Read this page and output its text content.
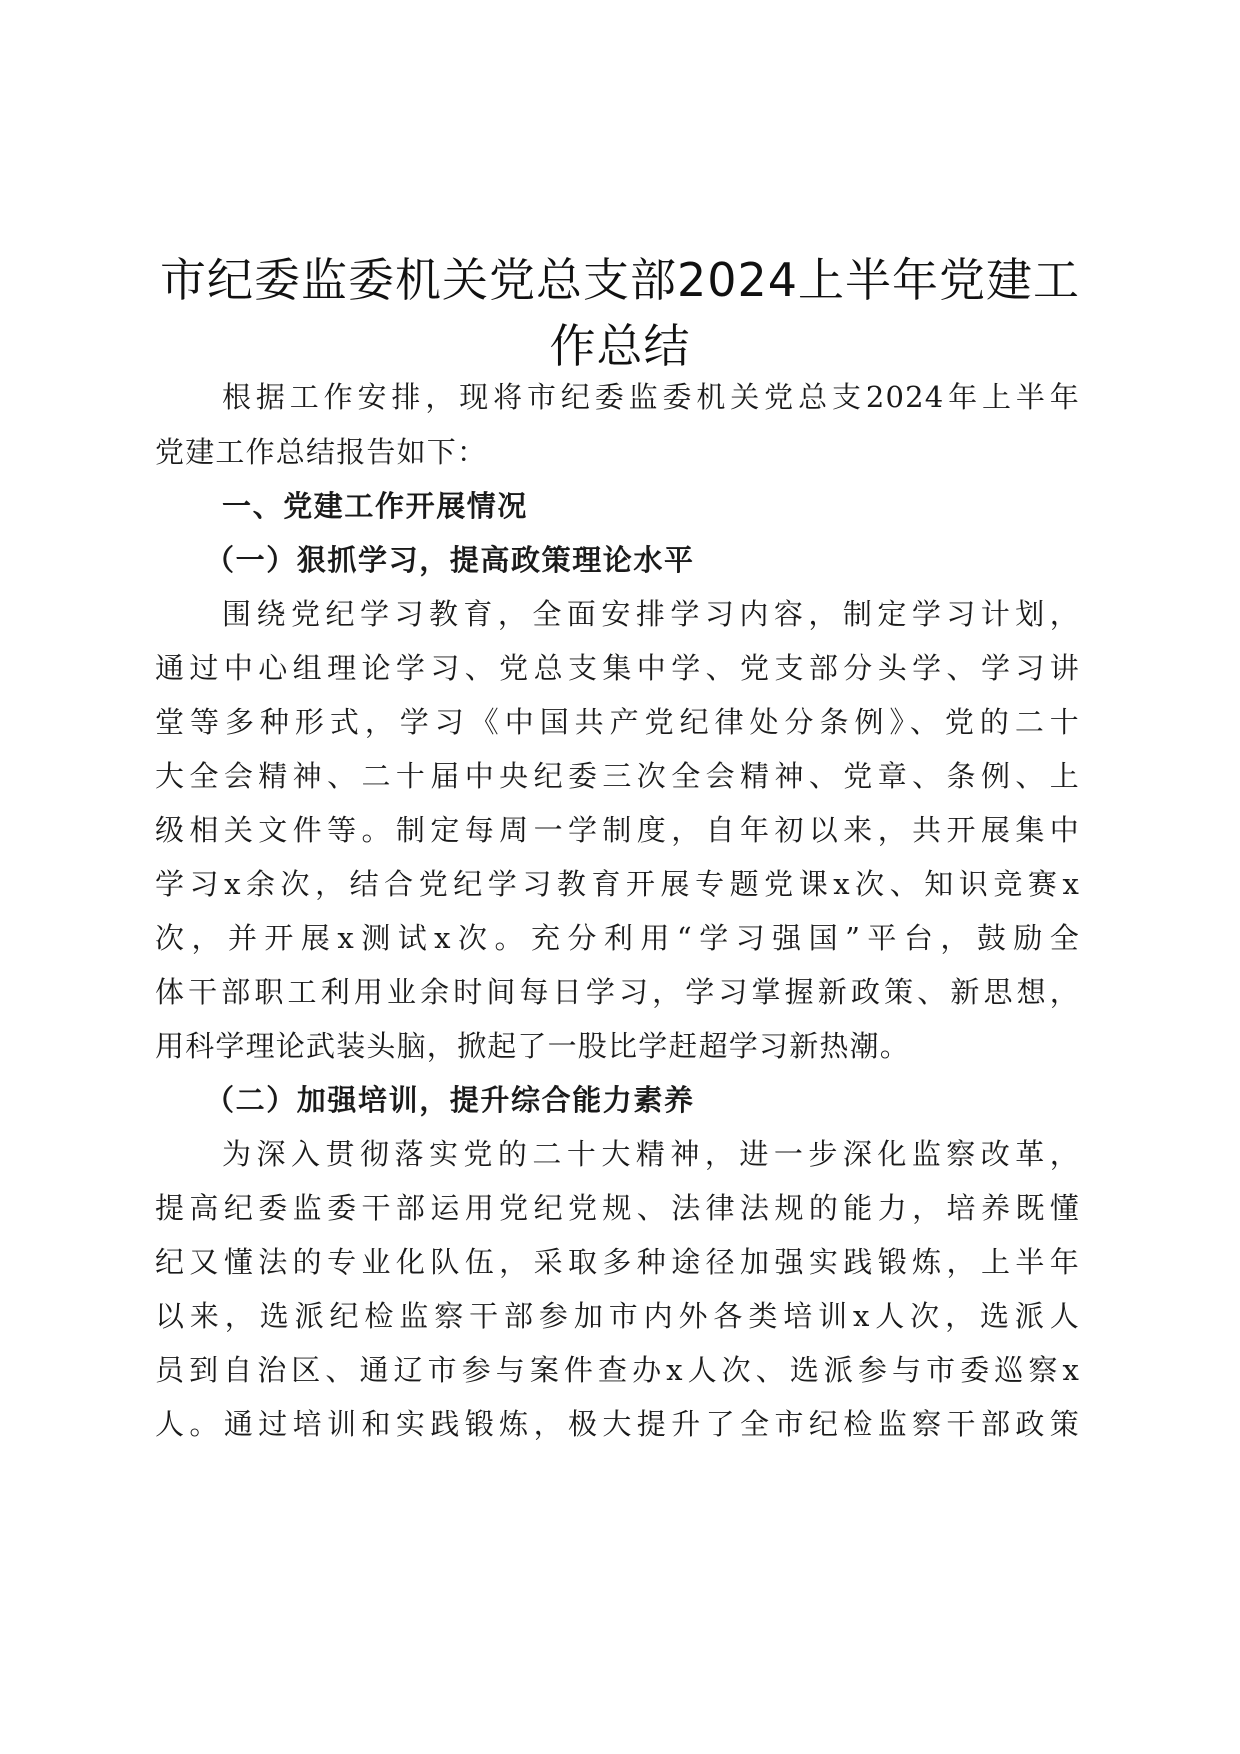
市纪委监委机关党总支部2024上半年党建工
作总结
根据工作安排，现将市纪委监委机关党总支2024年上半年
党建工作总结报告如下：
一、党建工作开展情况
（一）狠抓学习，提高政策理论水平
围绕党纪学习教育，全面安排学习内容，制定学习计划，
通过中心组理论学习、党总支集中学、党支部分头学、学习讲
堂等多种形式，学习《中国共产党纪律处分条例》、党的二十
大全会精神、二十届中央纪委三次全会精神、党章、条例、上
级相关文件等。制定每周一学制度，自年初以来，共开展集中
学习x余次，结合党纪学习教育开展专题党课x次、知识竞赛x
次，并开展x测试x次。充分利用“学习强国”平台，鼓励全
体干部职工利用业余时间每日学习，学习掌握新政策、新思想，
用科学理论武装头脑，掀起了一股比学赶超学习新热潮。
（二）加强培训，提升综合能力素养
为深入贯彻落实党的二十大精神，进一步深化监察改革，
提高纪委监委干部运用党纪党规、法律法规的能力，培养既懂
纪又懂法的专业化队伍，采取多种途径加强实践锻炼，上半年
以来，选派纪检监察干部参加市内外各类培训x人次，选派人
员到自治区、通辽市参与案件查办x人次、选派参与市委巡察x
人。通过培训和实践锻炼，极大提升了全市纪检监察干部政策
